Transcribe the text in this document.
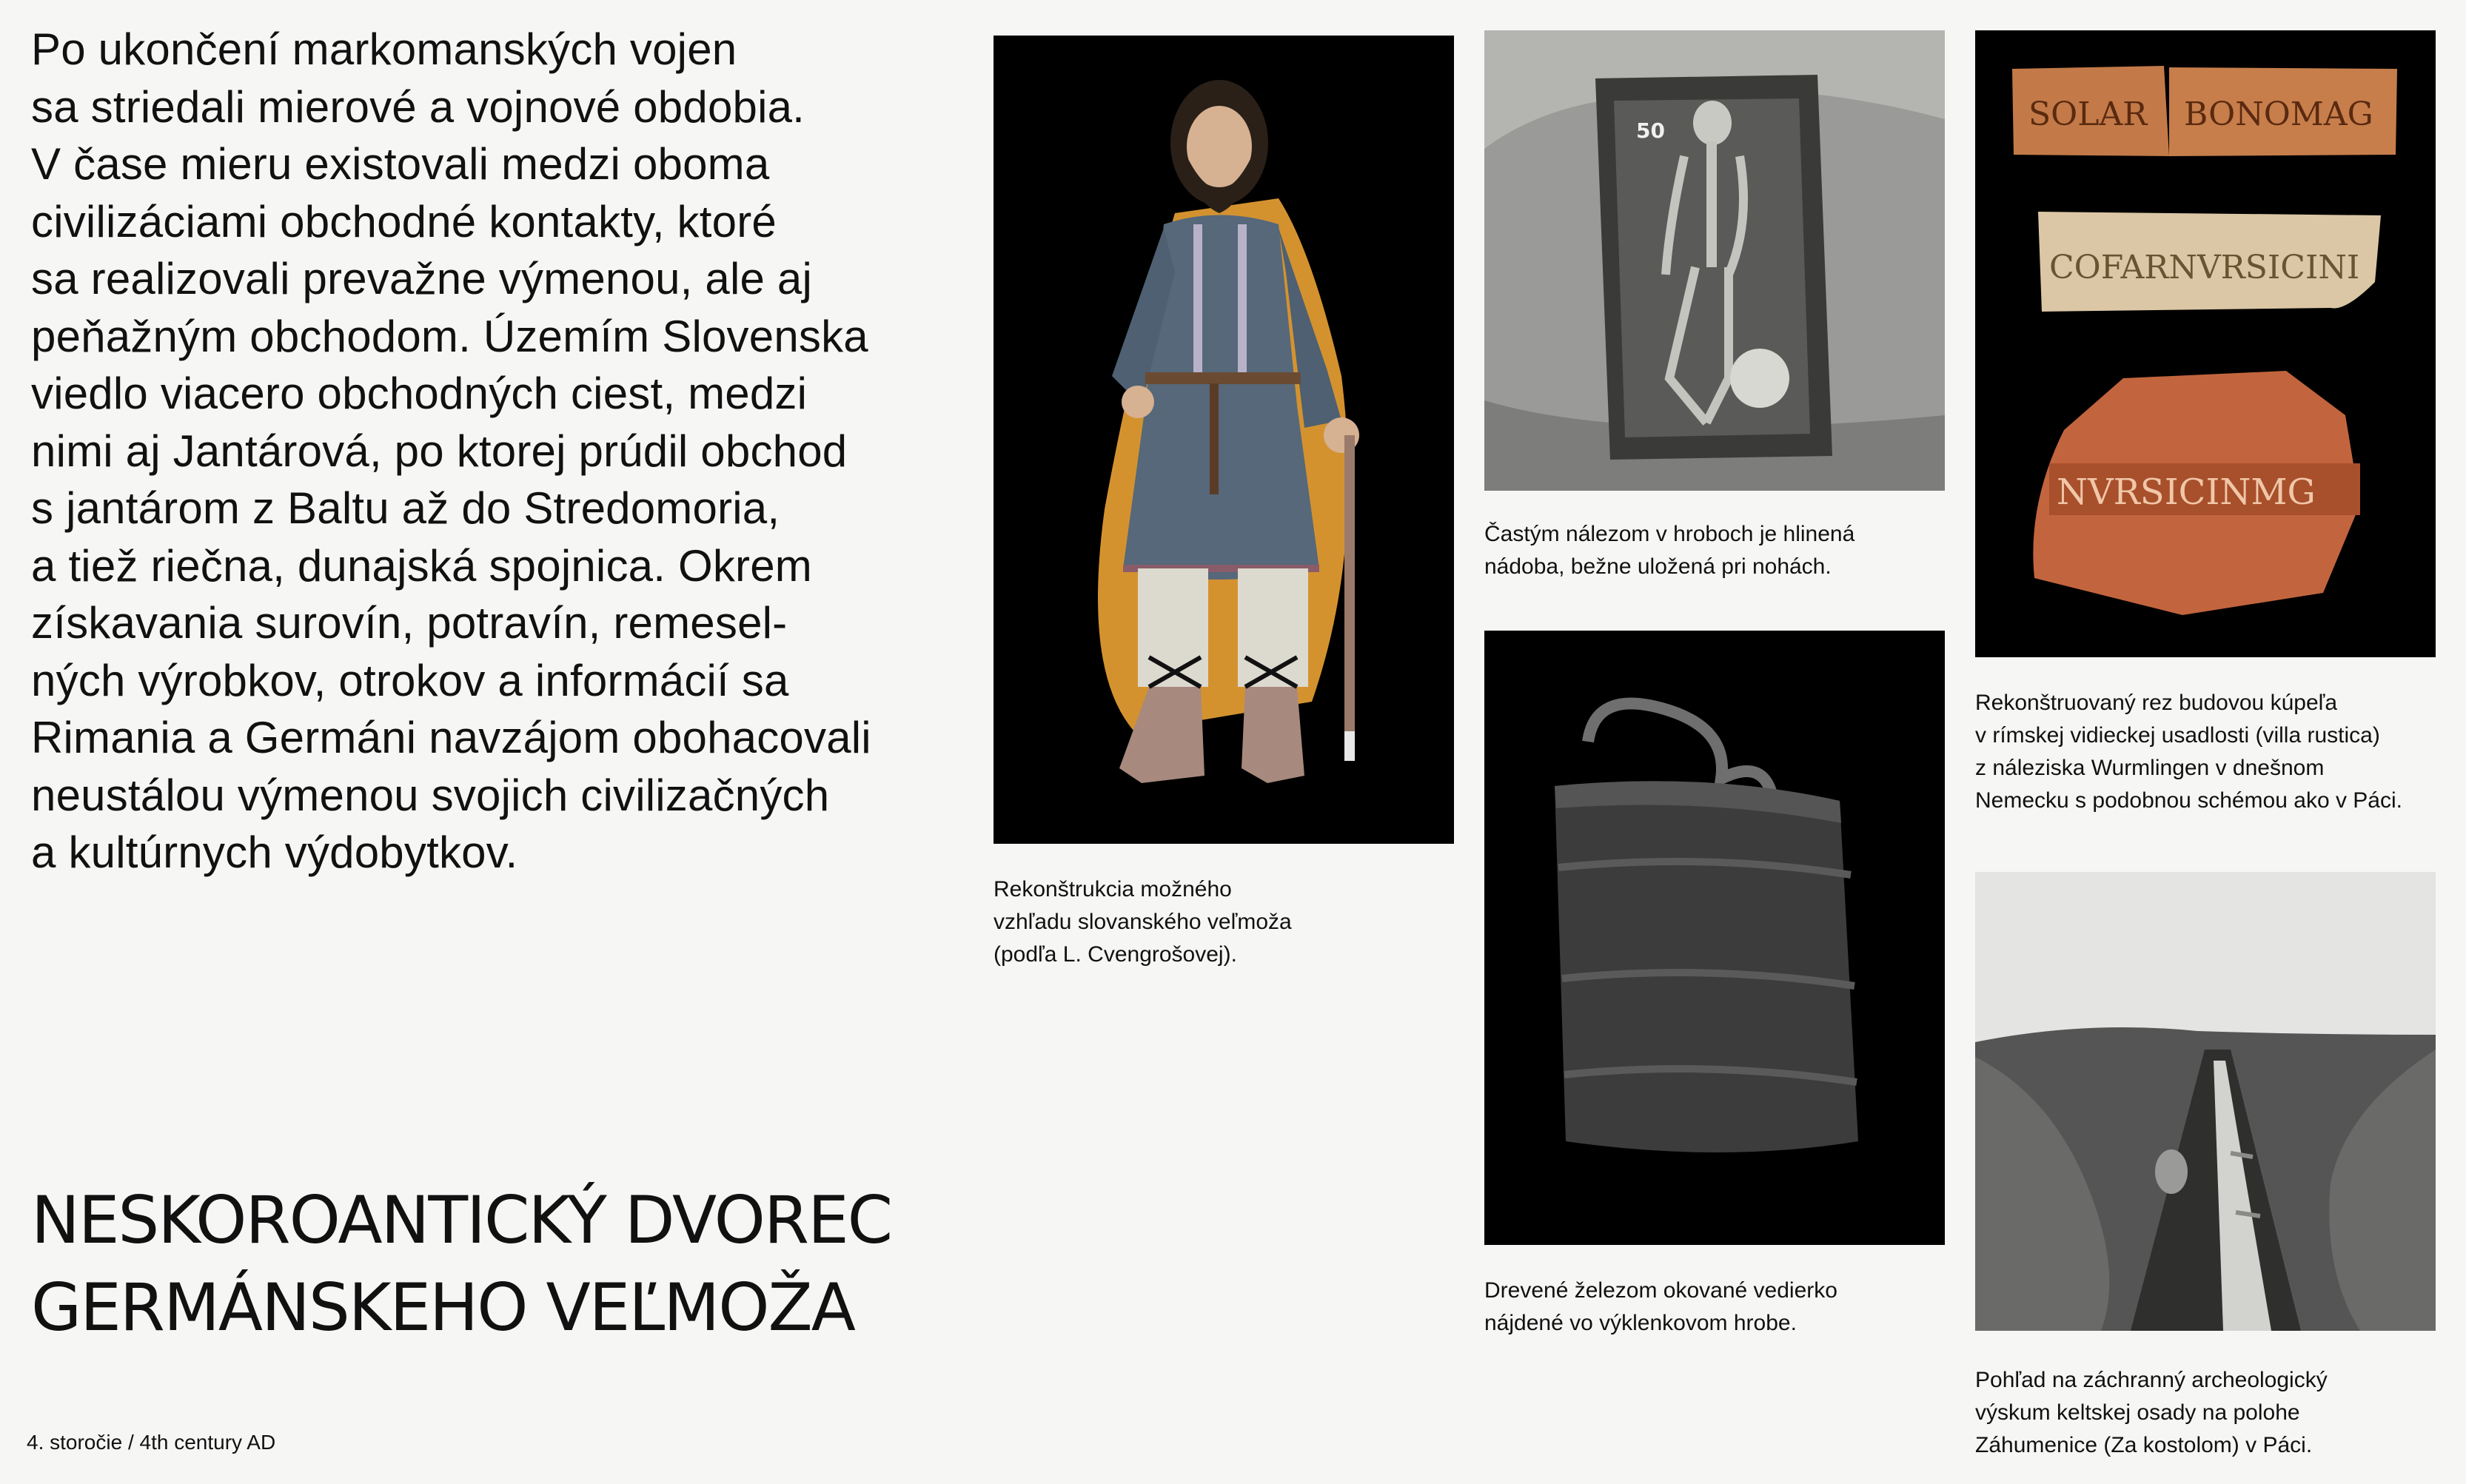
Po ukončení markomanských vojen
sa striedali mierové a vojnové obdobia.
V čase mieru existovali medzi oboma
civilizáciami obchodné kontakty, ktoré
sa realizovali prevažne výmenou, ale aj
peňažným obchodom. Územím Slovenska
viedlo viacero obchodných ciest, medzi
nimi aj Jantárová, po ktorej prúdil obchod
s jantárom z Baltu až do Stredomoria,
a tiež riečna, dunajská spojnica. Okrem
získavania surovín, potravín, remesel-
ných výrobkov, otrokov a informácií sa
Rimania a Germáni navzájom obohacovali
neustálou výmenou svojich civilizačných
a kultúrnych výdobytkov.

NESKOROANTICKÝ DVOREC
GERMÁNSKEHO VEĽMOŽA
4. storočie / 4th century AD
Rekonštrukcia možného
vzhľadu slovanského veľmoža
(podľa L. Cvengrošovej).
50
Častým nálezom v hroboch je hlinená
nádoba, bežne uložená pri nohách.
Drevené železom okované vedierko
nájdené vo výklenkovom hrobe.
SOLAR BONOMAG
COFARNVRSICINI
NVRSICINMG
Rekonštruovaný rez budovou kúpeľa
v rímskej vidieckej usadlosti (villa rustica)
z náleziska Wurmlingen v dnešnom
Nemecku s podobnou schémou ako v Páci.
Pohľad na záchranný archeologický
výskum keltskej osady na polohe
Záhumenice (Za kostolom) v Páci.
